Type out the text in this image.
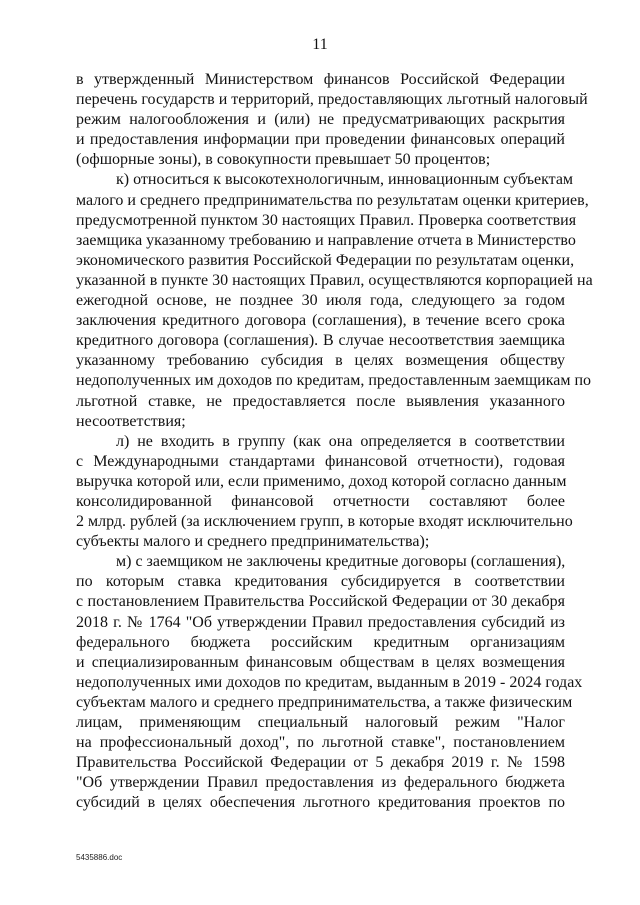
11
в утвержденный Министерством финансов Российской Федерации
перечень государств и территорий, предоставляющих льготный налоговый
режим налогообложения и (или) не предусматривающих раскрытия
и предоставления информации при проведении финансовых операций
(офшорные зоны), в совокупности превышает 50 процентов;
к) относиться к высокотехнологичным, инновационным субъектам
малого и среднего предпринимательства по результатам оценки критериев,
предусмотренной пунктом 30 настоящих Правил. Проверка соответствия
заемщика указанному требованию и направление отчета в Министерство
экономического развития Российской Федерации по результатам оценки,
указанной в пункте 30 настоящих Правил, осуществляются корпорацией на
ежегодной основе, не позднее 30 июля года, следующего за годом
заключения кредитного договора (соглашения), в течение всего срока
кредитного договора (соглашения). В случае несоответствия заемщика
указанному требованию субсидия в целях возмещения обществу
недополученных им доходов по кредитам, предоставленным заемщикам по
льготной ставке, не предоставляется после выявления указанного
несоответствия;
л) не входить в группу (как она определяется в соответствии
с Международными стандартами финансовой отчетности), годовая
выручка которой или, если применимо, доход которой согласно данным
консолидированной финансовой отчетности составляют более
2 млрд. рублей (за исключением групп, в которые входят исключительно
субъекты малого и среднего предпринимательства);
м) с заемщиком не заключены кредитные договоры (соглашения),
по которым ставка кредитования субсидируется в соответствии
с постановлением Правительства Российской Федерации от 30 декабря
2018 г. № 1764 "Об утверждении Правил предоставления субсидий из
федерального бюджета российским кредитным организациям
и специализированным финансовым обществам в целях возмещения
недополученных ими доходов по кредитам, выданным в 2019 - 2024 годах
субъектам малого и среднего предпринимательства, а также физическим
лицам, применяющим специальный налоговый режим "Налог
на профессиональный доход", по льготной ставке", постановлением
Правительства Российской Федерации от 5 декабря 2019 г. № 1598
"Об утверждении Правил предоставления из федерального бюджета
субсидий в целях обеспечения льготного кредитования проектов по
5435886.doc
